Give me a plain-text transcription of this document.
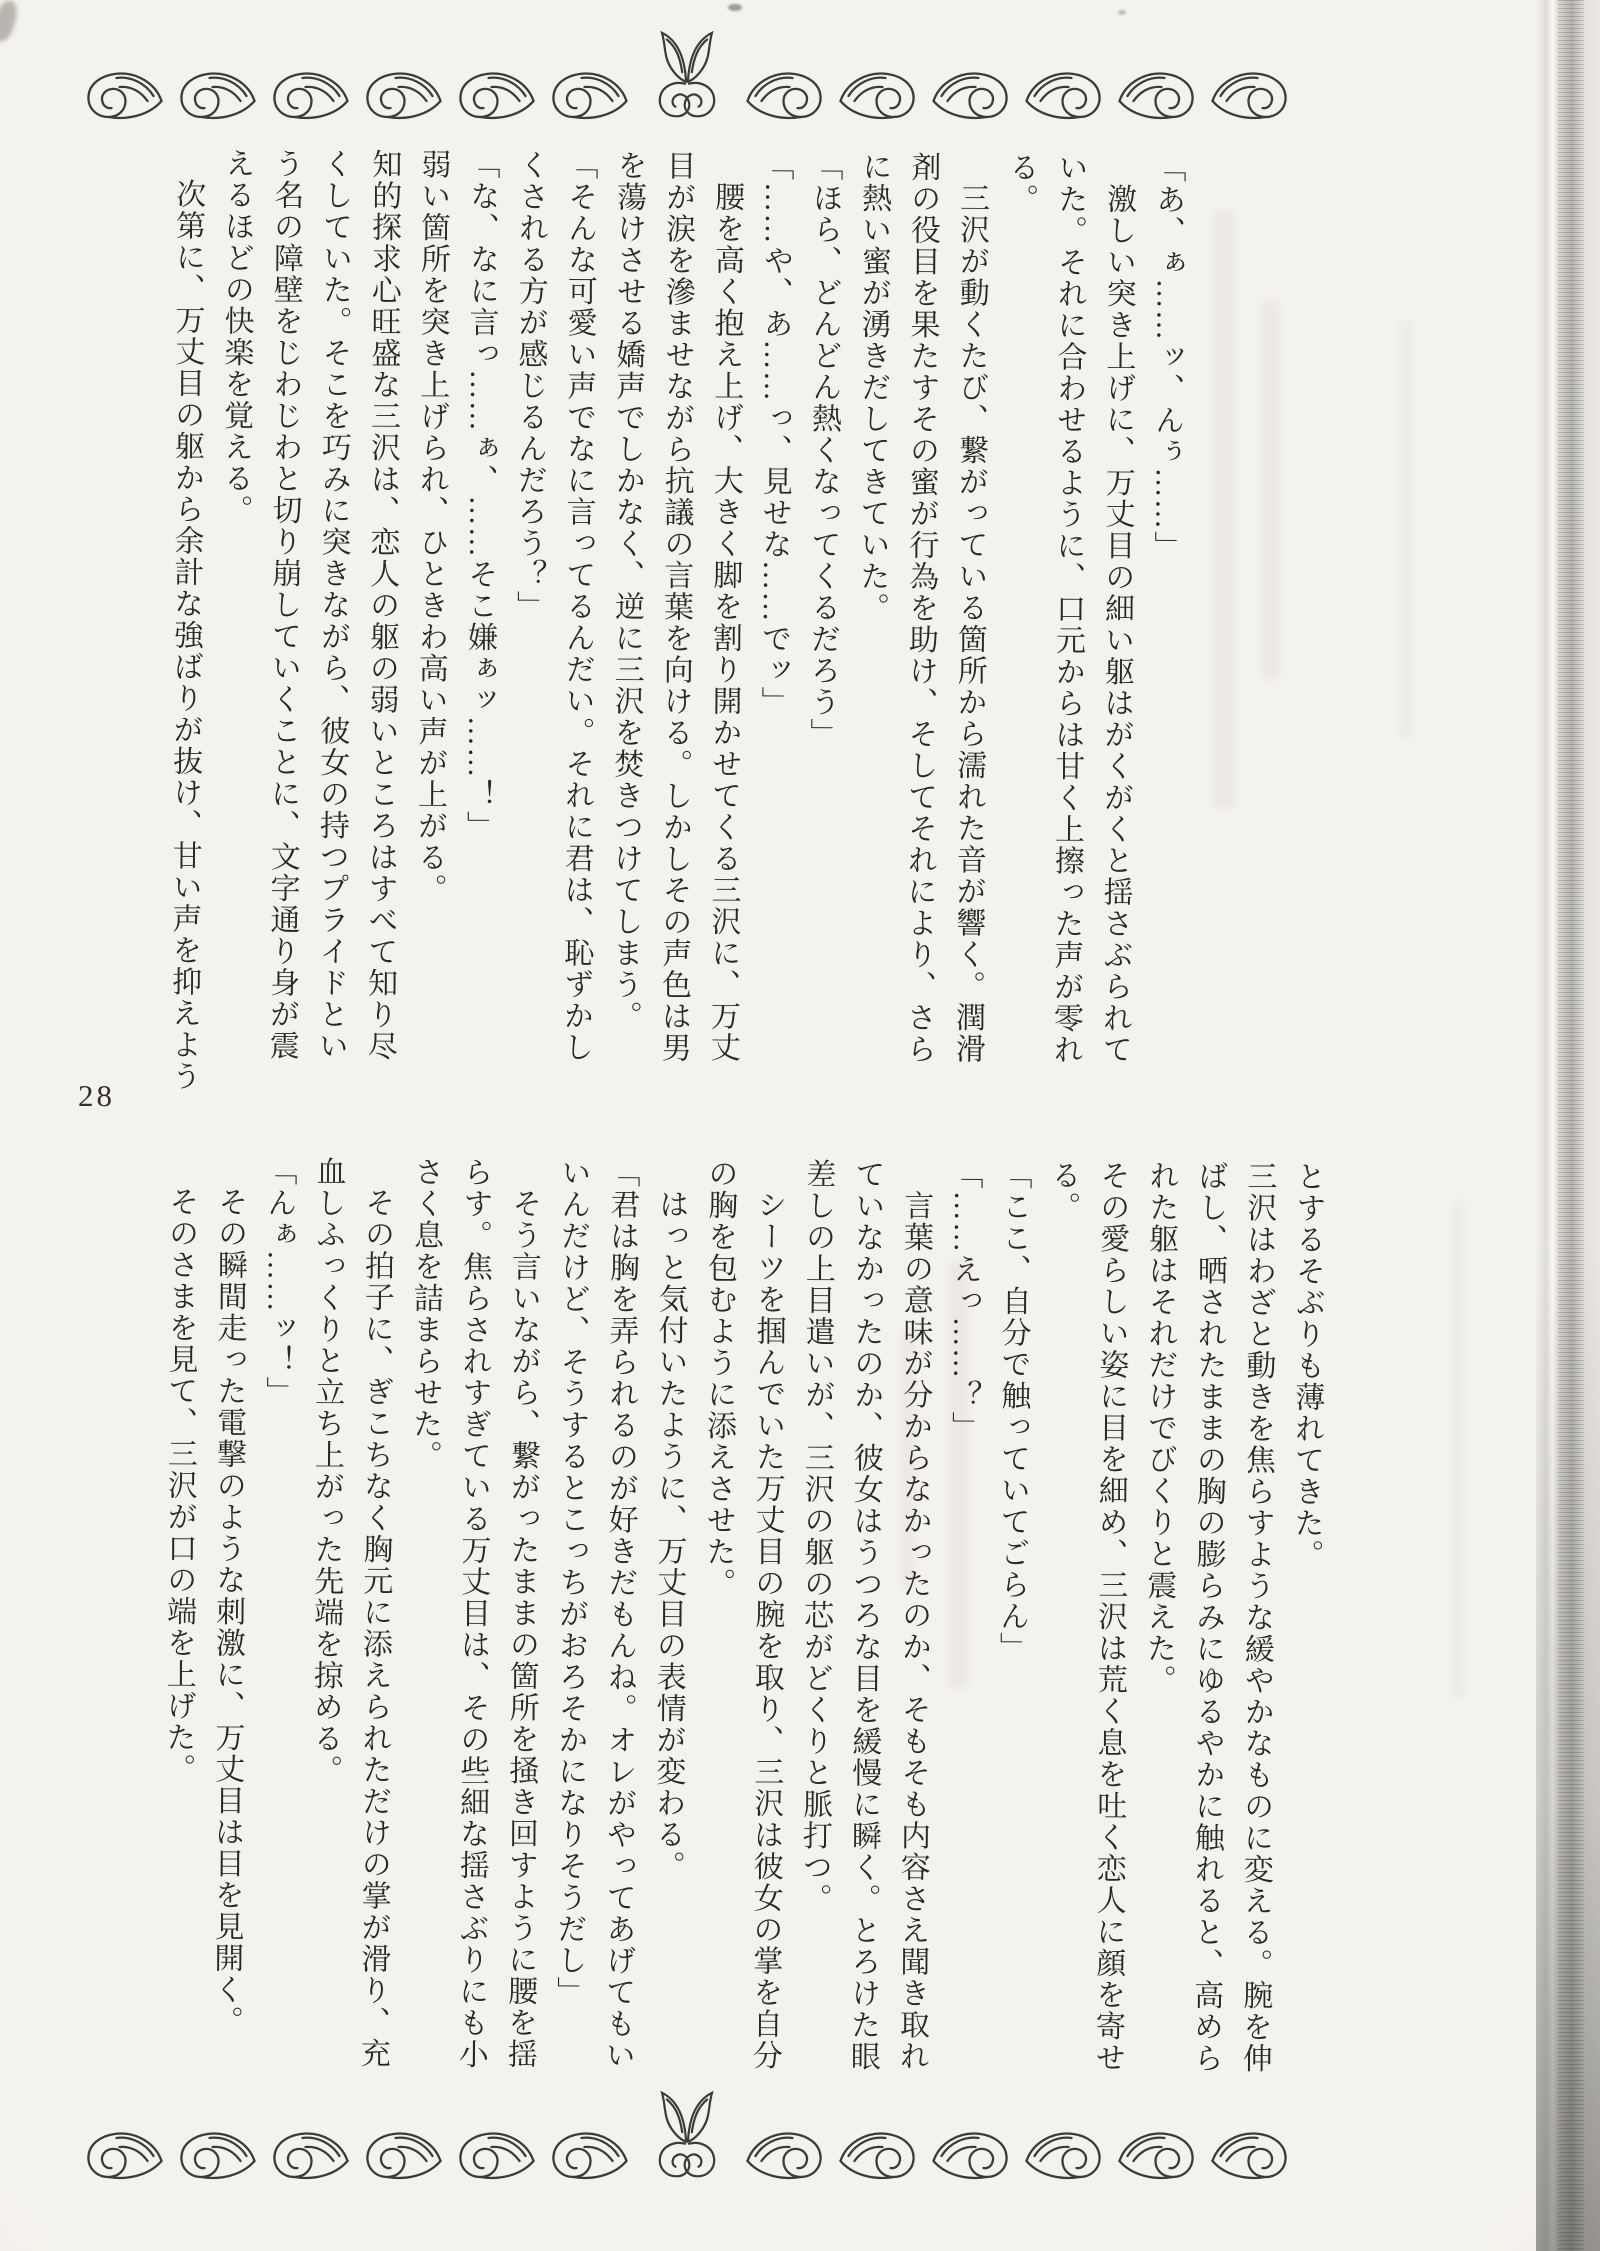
「あ、ぁ……ッ、んぅ……」

激しい突き上げに、万丈目の細い躯はがくがくと揺さぶられて

いた。それに合わせるように、口元からは甘く上擦った声が零れ

る。

三沢が動くたび、繋がっている箇所から濡れた音が響く。潤滑

剤の役目を果たすその蜜が行為を助け、そしてそれにより、さら

に熱い蜜が湧きだしてきていた。

「ほら、どんどん熱くなってくるだろう」

「……や、あ……っ、見せな……でッ」

腰を高く抱え上げ、大きく脚を割り開かせてくる三沢に、万丈

目が涙を滲ませながら抗議の言葉を向ける。しかしその声色は男

を蕩けさせる嬌声でしかなく、逆に三沢を焚きつけてしまう。

「そんな可愛い声でなに言ってるんだい。それに君は、恥ずかし

くされる方が感じるんだろう？」

「な、なに言っ……ぁ、……そこ嫌ぁッ……！」

弱い箇所を突き上げられ、ひときわ高い声が上がる。

知的探求心旺盛な三沢は、恋人の躯の弱いところはすべて知り尽

くしていた。そこを巧みに突きながら、彼女の持つプライドとい

う名の障壁をじわじわと切り崩していくことに、文字通り身が震

えるほどの快楽を覚える。

次第に、万丈目の躯から余計な強ばりが抜け、甘い声を抑えよう

28

とするそぶりも薄れてきた。

三沢はわざと動きを焦らすような緩やかなものに変える。腕を伸

ばし、晒されたままの胸の膨らみにゆるやかに触れると、高めら

れた躯はそれだけでびくりと震えた。

その愛らしい姿に目を細め、三沢は荒く息を吐く恋人に顔を寄せ

る。

「ここ、自分で触っていてごらん」

「……えっ……？」

言葉の意味が分からなかったのか、そもそも内容さえ聞き取れ

ていなかったのか、彼女はうつろな目を緩慢に瞬く。とろけた眼

差しの上目遣いが、三沢の躯の芯がどくりと脈打つ。

シーツを掴んでいた万丈目の腕を取り、三沢は彼女の掌を自分

の胸を包むように添えさせた。

はっと気付いたように、万丈目の表情が変わる。

「君は胸を弄られるのが好きだもんね。オレがやってあげてもい

いんだけど、そうするとこっちがおろそかになりそうだし」

そう言いながら、繋がったままの箇所を掻き回すように腰を揺

らす。焦らされすぎている万丈目は、その些細な揺さぶりにも小

さく息を詰まらせた。

その拍子に、ぎこちなく胸元に添えられただけの掌が滑り、充

血しふっくりと立ち上がった先端を掠める。

「んぁ……ッ！」

その瞬間走った電撃のような刺激に、万丈目は目を見開く。

そのさまを見て、三沢が口の端を上げた。
